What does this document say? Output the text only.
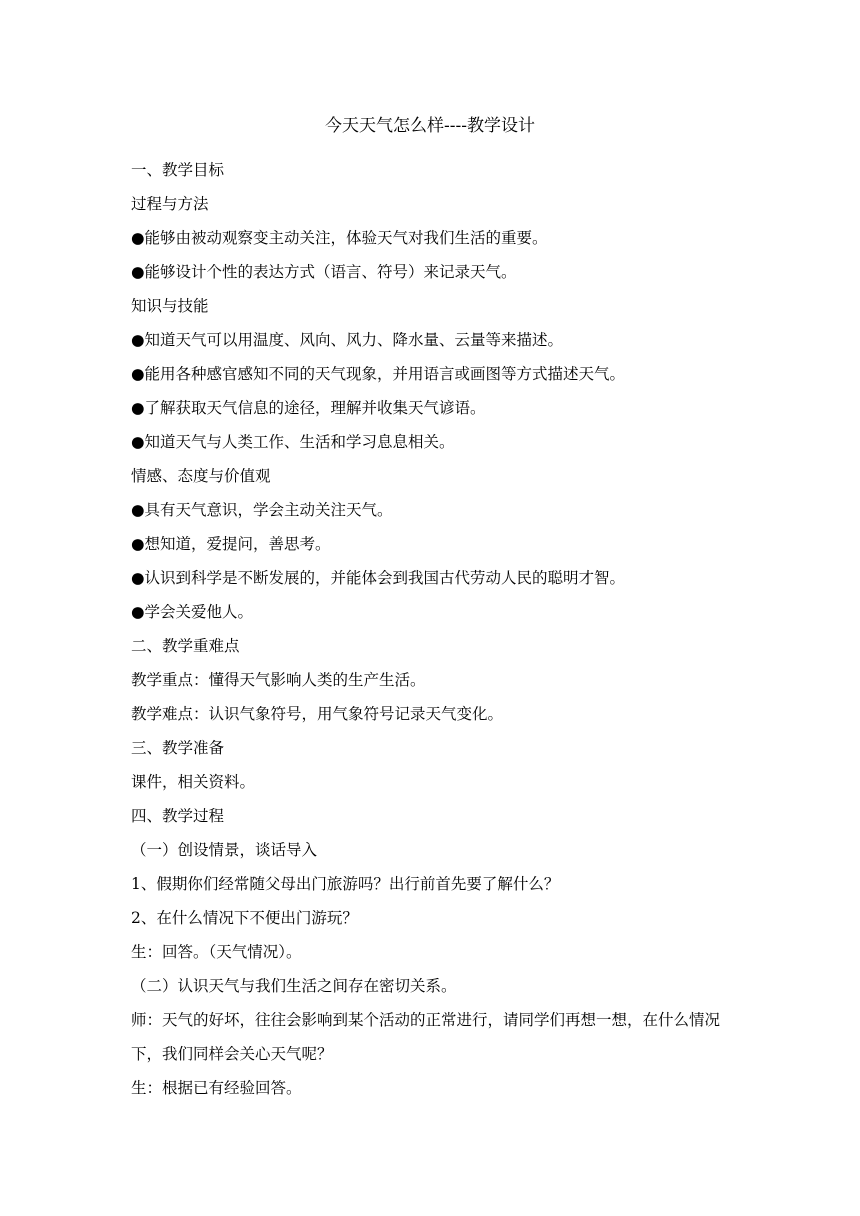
今天天气怎么样----教学设计
一、教学目标
过程与方法
●能够由被动观察变主动关注，体验天气对我们生活的重要。
●能够设计个性的表达方式（语言、符号）来记录天气。
知识与技能
●知道天气可以用温度、风向、风力、降水量、云量等来描述。
●能用各种感官感知不同的天气现象，并用语言或画图等方式描述天气。
●了解获取天气信息的途径，理解并收集天气谚语。
●知道天气与人类工作、生活和学习息息相关。
情感、态度与价值观
●具有天气意识，学会主动关注天气。
●想知道，爱提问，善思考。
●认识到科学是不断发展的，并能体会到我国古代劳动人民的聪明才智。
●学会关爱他人。
二、教学重难点
教学重点：懂得天气影响人类的生产生活。
教学难点：认识气象符号，用气象符号记录天气变化。
三、教学准备
课件，相关资料。
四、教学过程
（一）创设情景，谈话导入
1、假期你们经常随父母出门旅游吗？出行前首先要了解什么？
2、在什么情况下不便出门游玩？
生：回答。（天气情况）。
（二）认识天气与我们生活之间存在密切关系。
师：天气的好坏，往往会影响到某个活动的正常进行，请同学们再想一想，在什么情况下，我们同样会关心天气呢？
生：根据已有经验回答。
